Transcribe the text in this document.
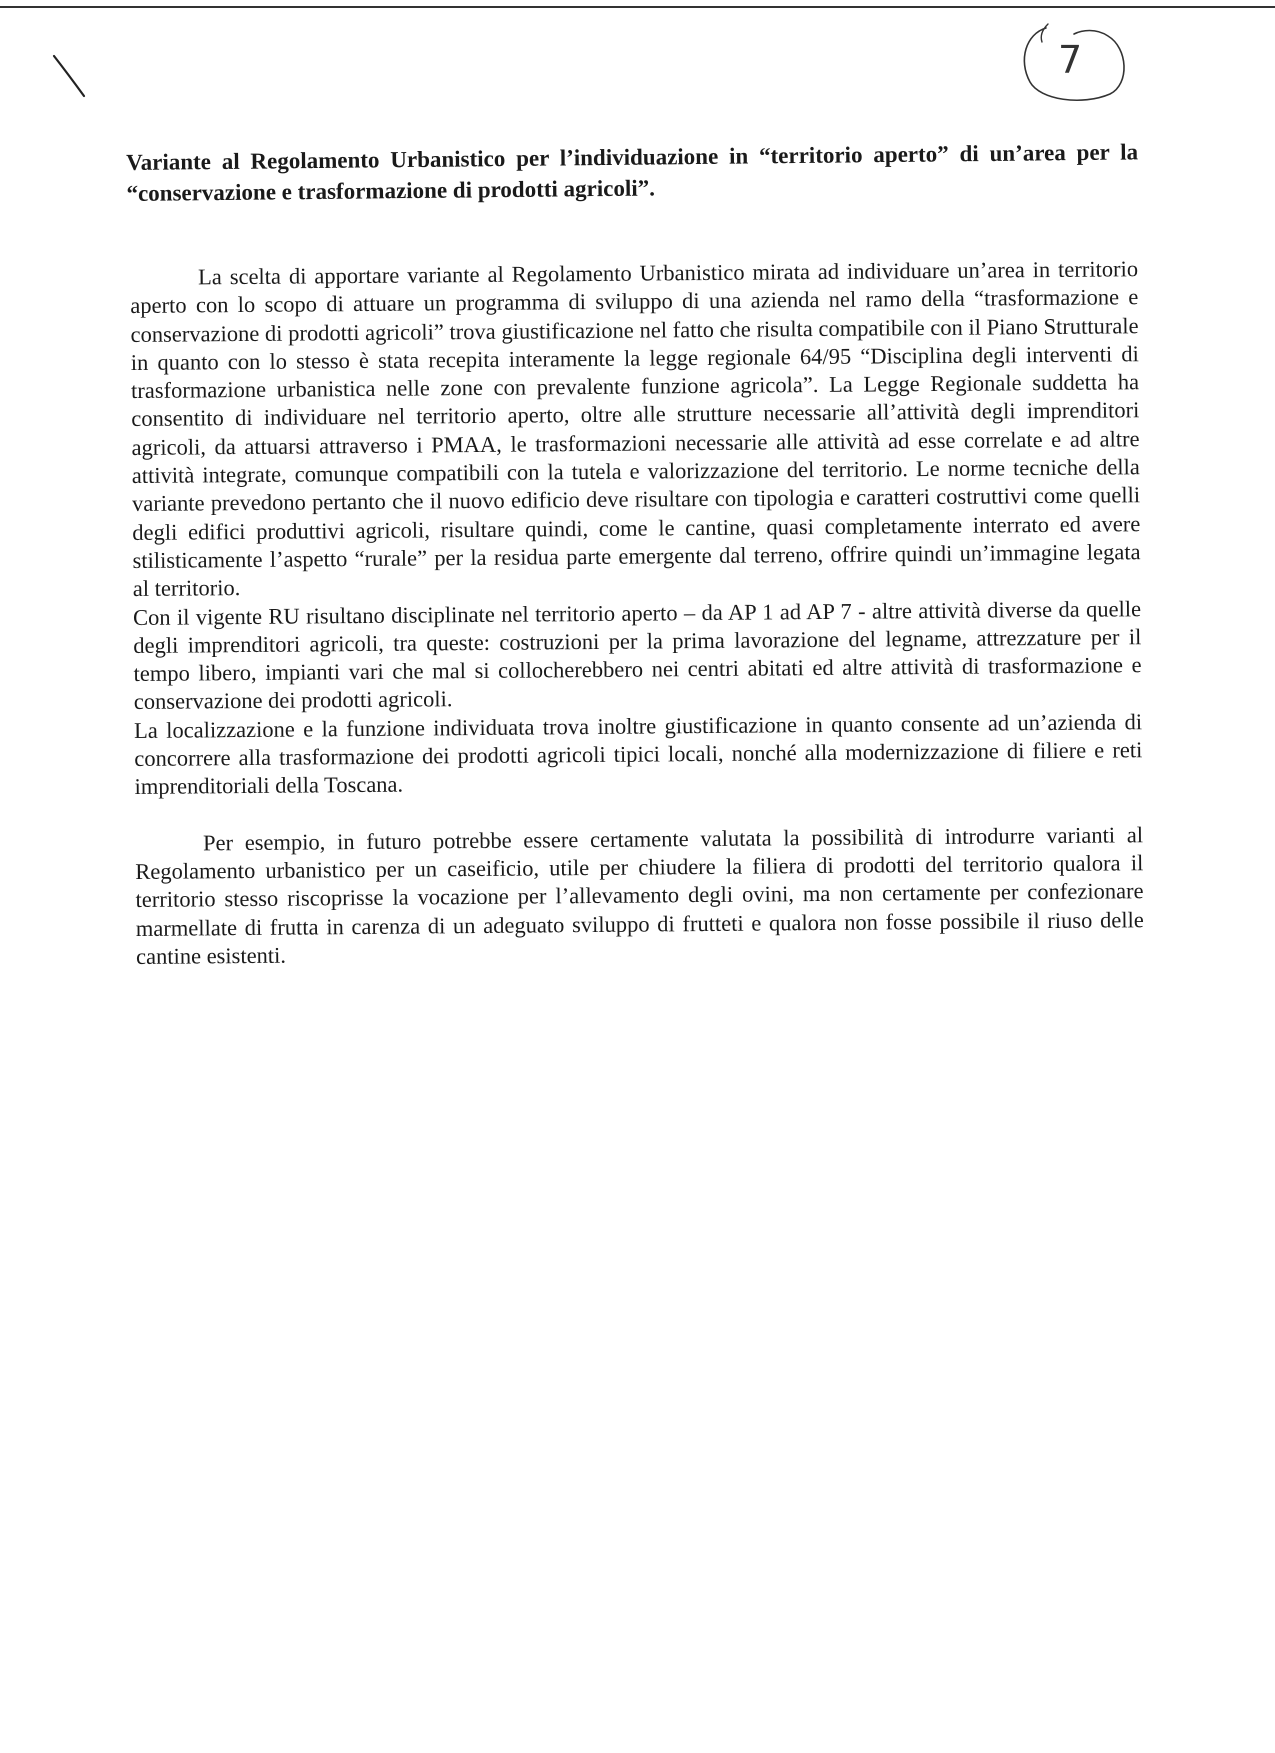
7

Variante al Regolamento Urbanistico per l’individuazione in “territorio aperto” di un’area per la “conservazione e trasformazione di prodotti agricoli”.

La scelta di apportare variante al Regolamento Urbanistico mirata ad individuare un’area in territorio aperto con lo scopo di attuare un programma di sviluppo di una azienda nel ramo della “trasformazione e conservazione di prodotti agricoli” trova giustificazione nel fatto che risulta compatibile con il Piano Strutturale in quanto con lo stesso è stata recepita interamente la legge regionale 64/95 “Disciplina degli interventi di trasformazione urbanistica nelle zone con prevalente funzione agricola”. La Legge Regionale suddetta ha consentito di individuare nel territorio aperto, oltre alle strutture necessarie all’attività degli imprenditori agricoli, da attuarsi attraverso i PMAA, le trasformazioni necessarie alle attività ad esse correlate e ad altre attività integrate, comunque compatibili con la tutela e valorizzazione del territorio. Le norme tecniche della variante prevedono pertanto che il nuovo edificio deve risultare con tipologia e caratteri costruttivi come quelli degli edifici produttivi agricoli, risultare quindi, come le cantine, quasi completamente interrato ed avere stilisticamente l’aspetto “rurale” per la residua parte emergente dal terreno, offrire quindi un’immagine legata al territorio.

Con il vigente RU risultano disciplinate nel territorio aperto – da AP 1 ad AP 7 - altre attività diverse da quelle degli imprenditori agricoli, tra queste: costruzioni per la prima lavorazione del legname, attrezzature per il tempo libero, impianti vari che mal si collocherebbero nei centri abitati ed altre attività di trasformazione e conservazione dei prodotti agricoli.

La localizzazione e la funzione individuata trova inoltre giustificazione in quanto consente ad un’azienda di concorrere alla trasformazione dei prodotti agricoli tipici locali, nonché alla modernizzazione di filiere e reti imprenditoriali della Toscana.

Per esempio, in futuro potrebbe essere certamente valutata la possibilità di introdurre varianti al Regolamento urbanistico per un caseificio, utile per chiudere la filiera di prodotti del territorio qualora il territorio stesso riscoprisse la vocazione per l’allevamento degli ovini, ma non certamente per confezionare marmellate di frutta in carenza di un adeguato sviluppo di frutteti e qualora non fosse possibile il riuso delle cantine esistenti.
